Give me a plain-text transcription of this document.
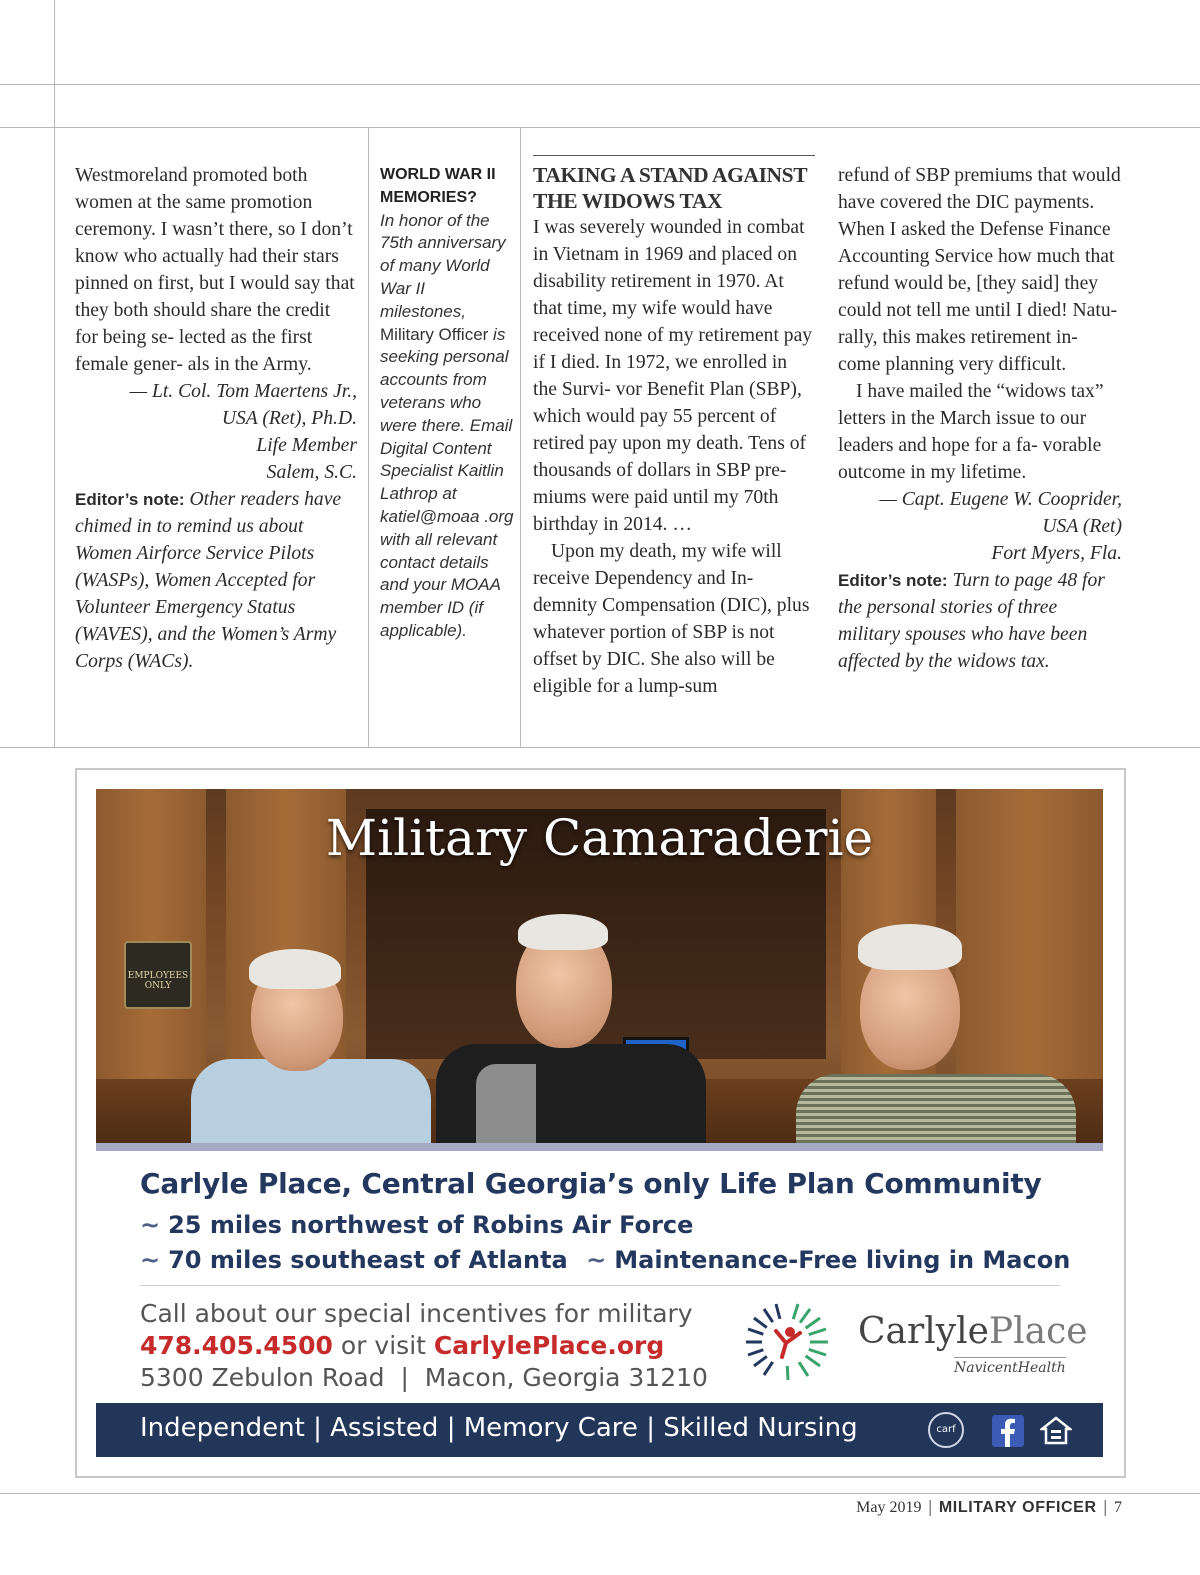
Westmoreland promoted both women at the same promotion ceremony. I wasn’t there, so I don’t know who actually had their stars pinned on first, but I would say that they both should share the credit for being se- lected as the first female gener- als in the Army.

— Lt. Col. Tom Maertens Jr.,
USA (Ret), Ph.D.
Life Member
Salem, S.C.

Editor’s note: Other readers have chimed in to remind us about Women Airforce Service Pilots (WASPs), Women Accepted for Volunteer Emergency Status (WAVES), and the Women’s Army Corps (WACs).

WORLD WAR II
MEMORIES?
In honor of the 75th anniversary of many World War II milestones, Military Officer is seeking personal accounts from veterans who were there. Email Digital Content Specialist Kaitlin Lathrop at katiel@moaa .org with all relevant contact details and your MOAA member ID (if applicable).
TAKING A STAND AGAINST THE WIDOWS TAX

I was severely wounded in combat in Vietnam in 1969 and placed on disability retirement in 1970. At that time, my wife would have received none of my retirement pay if I died. In 1972, we enrolled in the Survi- vor Benefit Plan (SBP), which would pay 55 percent of retired pay upon my death. Tens of thousands of dollars in SBP pre- miums were paid until my 70th birthday in 2014. …

Upon my death, my wife will receive Dependency and In- demnity Compensation (DIC), plus whatever portion of SBP is not offset by DIC. She also will be eligible for a lump-sum

refund of SBP premiums that would have covered the DIC payments. When I asked the Defense Finance Accounting Service how much that refund would be, [they said] they could not tell me until I died! Natu- rally, this makes retirement in- come planning very difficult.

I have mailed the “widows tax” letters in the March issue to our leaders and hope for a fa- vorable outcome in my lifetime.

— Capt. Eugene W. Cooprider,
USA (Ret)
Fort Myers, Fla.

Editor’s note: Turn to page 48 for the personal stories of three military spouses who have been affected by the widows tax.

EMPLOYEES ONLY
Military Camaraderie
Carlyle Place, Central Georgia’s only Life Plan Community
~ 25 miles northwest of Robins Air Force
~ 70 miles southeast of Atlanta ~ Maintenance-Free living in Macon
Call about our special incentives for military
478.405.4500 or visit CarlylePlace.org
5300 Zebulon Road  |  Macon, Georgia 31210
CarlylePlace
NavicentHealth
Independent | Assisted | Memory Care | Skilled Nursing	carf
May 2019 | MILITARY OFFICER | 7
